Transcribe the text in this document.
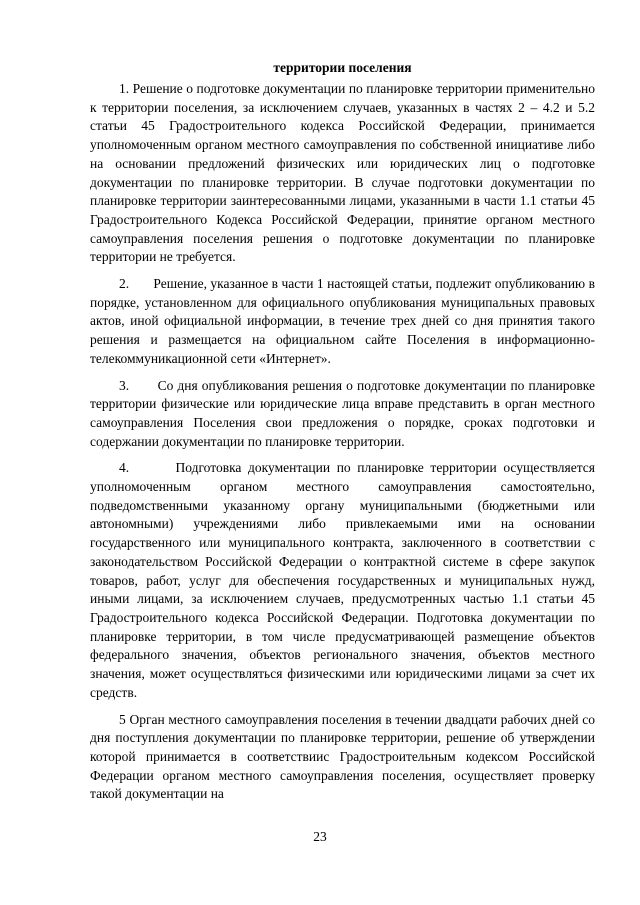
территории поселения

1. Решение о подготовке документации по планировке территории применительно к территории поселения, за исключением случаев, указанных в частях 2 – 4.2 и 5.2 статьи 45 Градостроительного кодекса Российской Федерации, принимается уполномоченным органом местного самоуправления по собственной инициативе либо на основании предложений физических или юридических лиц о подготовке документации по планировке территории. В случае подготовки документации по планировке территории заинтересованными лицами, указанными в части 1.1 статьи 45 Градостроительного Кодекса Российской Федерации, принятие органом местного самоуправления поселения решения о подготовке документации по планировке территории не требуется.

2.       Решение, указанное в части 1 настоящей статьи, подлежит опубликованию в порядке, установленном для официального опубликования муниципальных правовых актов, иной официальной информации, в течение трех дней со дня принятия такого решения и размещается на официальном сайте Поселения в информационно-телекоммуникационной сети «Интернет».

3.       Со дня опубликования решения о подготовке документации по планировке территории физические или юридические лица вправе представить в орган местного самоуправления Поселения свои предложения о порядке, сроках подготовки и содержании документации по планировке территории.

4.       Подготовка документации по планировке территории осуществляется уполномоченным органом местного самоуправления самостоятельно, подведомственными указанному органу муниципальными (бюджетными или автономными) учреждениями либо привлекаемыми ими на основании государственного или муниципального контракта, заключенного в соответствии с законодательством Российской Федерации о контрактной системе в сфере закупок товаров, работ, услуг для обеспечения государственных и муниципальных нужд, иными лицами, за исключением случаев, предусмотренных частью 1.1 статьи 45 Градостроительного кодекса Российской Федерации. Подготовка документации по планировке территории, в том числе предусматривающей размещение объектов федерального значения, объектов регионального значения, объектов местного значения, может осуществляться физическими или юридическими лицами за счет их средств.

5 Орган местного самоуправления поселения в течении двадцати рабочих дней со дня поступления документации по планировке территории, решение об утверждении которой принимается в соответствиис Градостроительным кодексом Российской Федерации органом местного самоуправления поселения, осуществляет проверку такой документации на

23
